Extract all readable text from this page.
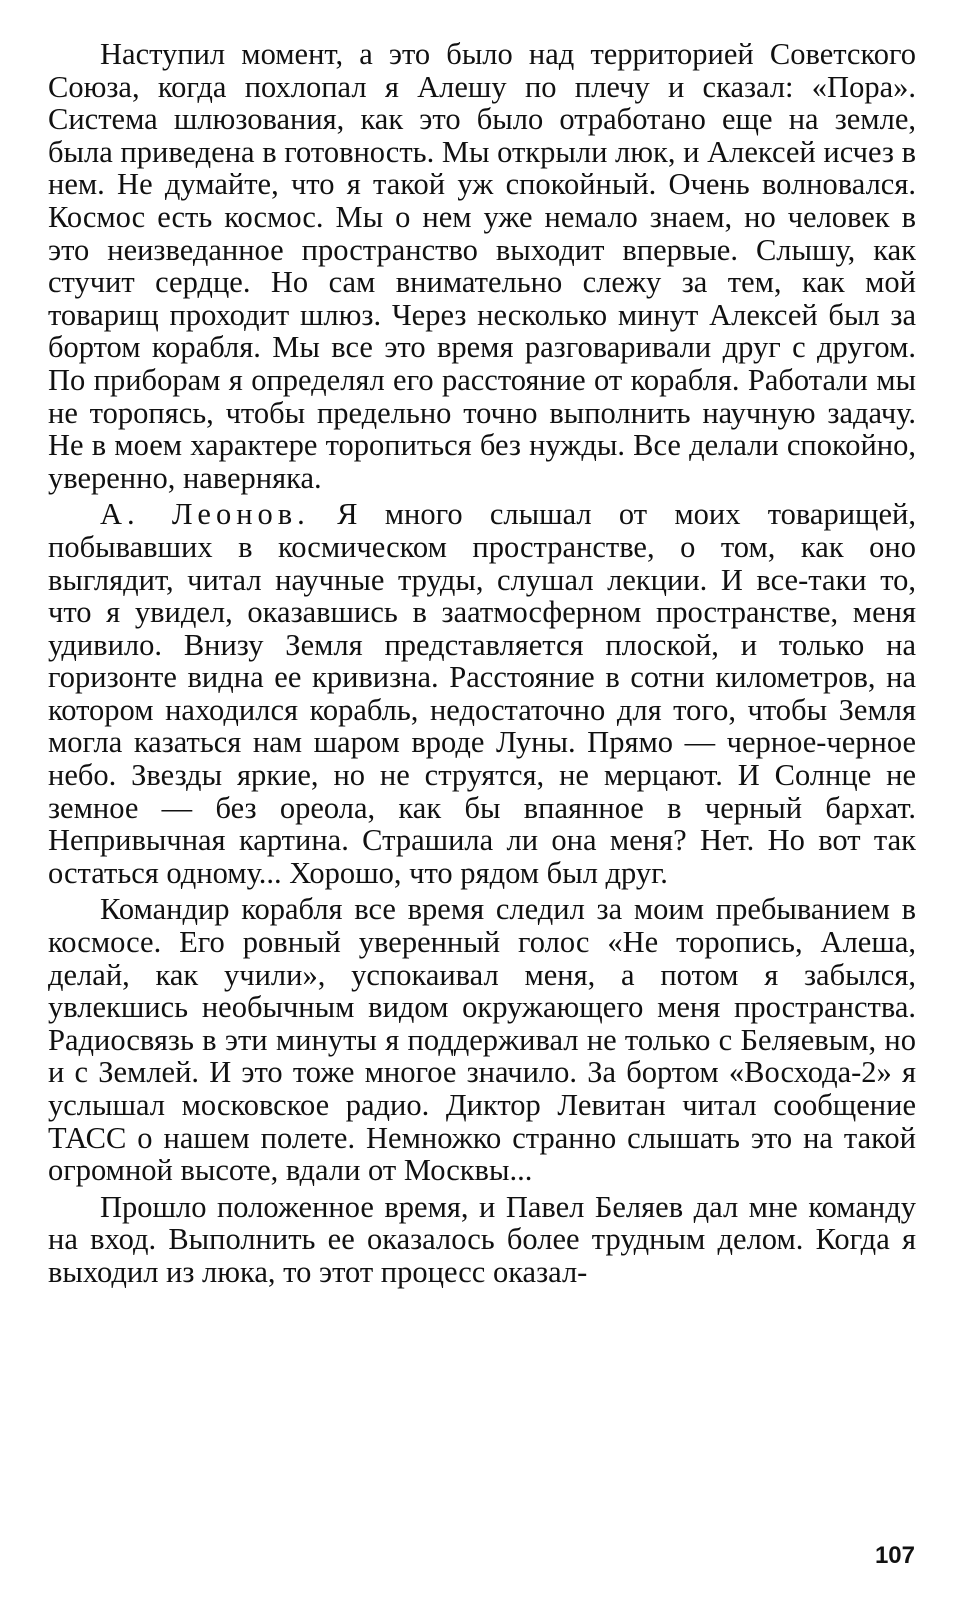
Наступил момент, а это было над территорией Советского Союза, когда похлопал я Алешу по плечу и сказал: «Пора». Система шлюзования, как это было отработано еще на земле, была приведена в готовность. Мы открыли люк, и Алексей исчез в нем. Не думайте, что я такой уж спокойный. Очень волновался. Космос есть космос. Мы о нем уже немало знаем, но человек в это неизведанное пространство выходит впервые. Слышу, как стучит сердце. Но сам внимательно слежу за тем, как мой товарищ проходит шлюз. Через несколько минут Алексей был за бортом корабля. Мы все это время разговаривали друг с другом. По приборам я определял его расстояние от корабля. Работали мы не торопясь, чтобы предельно точно выполнить научную задачу. Не в моем характере торопиться без нужды. Все делали спокойно, уверенно, наверняка.

А. Леонов. Я много слышал от моих товарищей, побывавших в космическом пространстве, о том, как оно выглядит, читал научные труды, слушал лекции. И все-таки то, что я увидел, оказавшись в заатмосферном пространстве, меня удивило. Внизу Земля представляется плоской, и только на горизонте видна ее кривизна. Расстояние в сотни километров, на котором находился корабль, недостаточно для того, чтобы Земля могла казаться нам шаром вроде Луны. Прямо — черное-черное небо. Звезды яркие, но не струятся, не мерцают. И Солнце не земное — без ореола, как бы впаянное в черный бархат. Непривычная картина. Страшила ли она меня? Нет. Но вот так остаться одному... Хорошо, что рядом был друг.

Командир корабля все время следил за моим пребыванием в космосе. Его ровный уверенный голос «Не торопись, Алеша, делай, как учили», успокаивал меня, а потом я забылся, увлекшись необычным видом окружающего меня пространства. Радиосвязь в эти минуты я поддерживал не только с Беляевым, но и с Землей. И это тоже многое значило. За бортом «Восхода-2» я услышал московское радио. Диктор Левитан читал сообщение ТАСС о нашем полете. Немножко странно слышать это на такой огромной высоте, вдали от Москвы...

Прошло положенное время, и Павел Беляев дал мне команду на вход. Выполнить ее оказалось более трудным делом. Когда я выходил из люка, то этот процесс оказал-

107
